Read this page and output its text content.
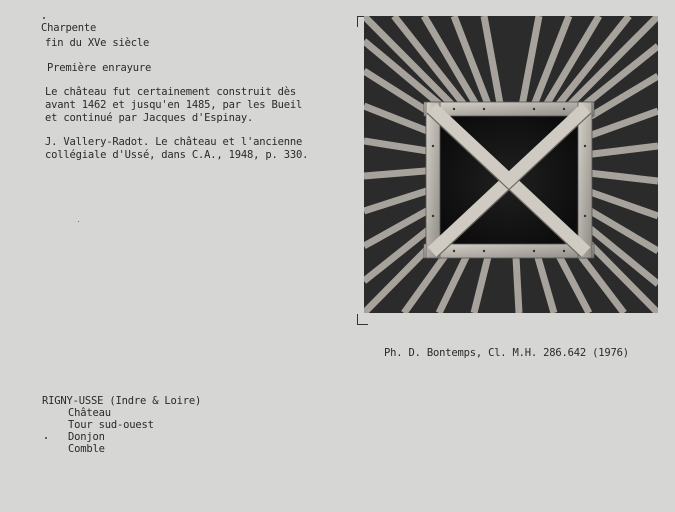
Charpente
fin du XVe siècle
Première enrayure
Le château fut certainement construit dès
avant 1462 et jusqu'en 1485, par les Bueil
et continué par Jacques d'Espinay.
J. Vallery-Radot. Le château et l'ancienne
collégiale d'Ussé, dans C.A., 1948, p. 330.
Ph. D. Bontemps, Cl. M.H. 286.642 (1976)
RIGNY-USSE (Indre & Loire)
Château
Tour sud-ouest
Donjon
Comble
